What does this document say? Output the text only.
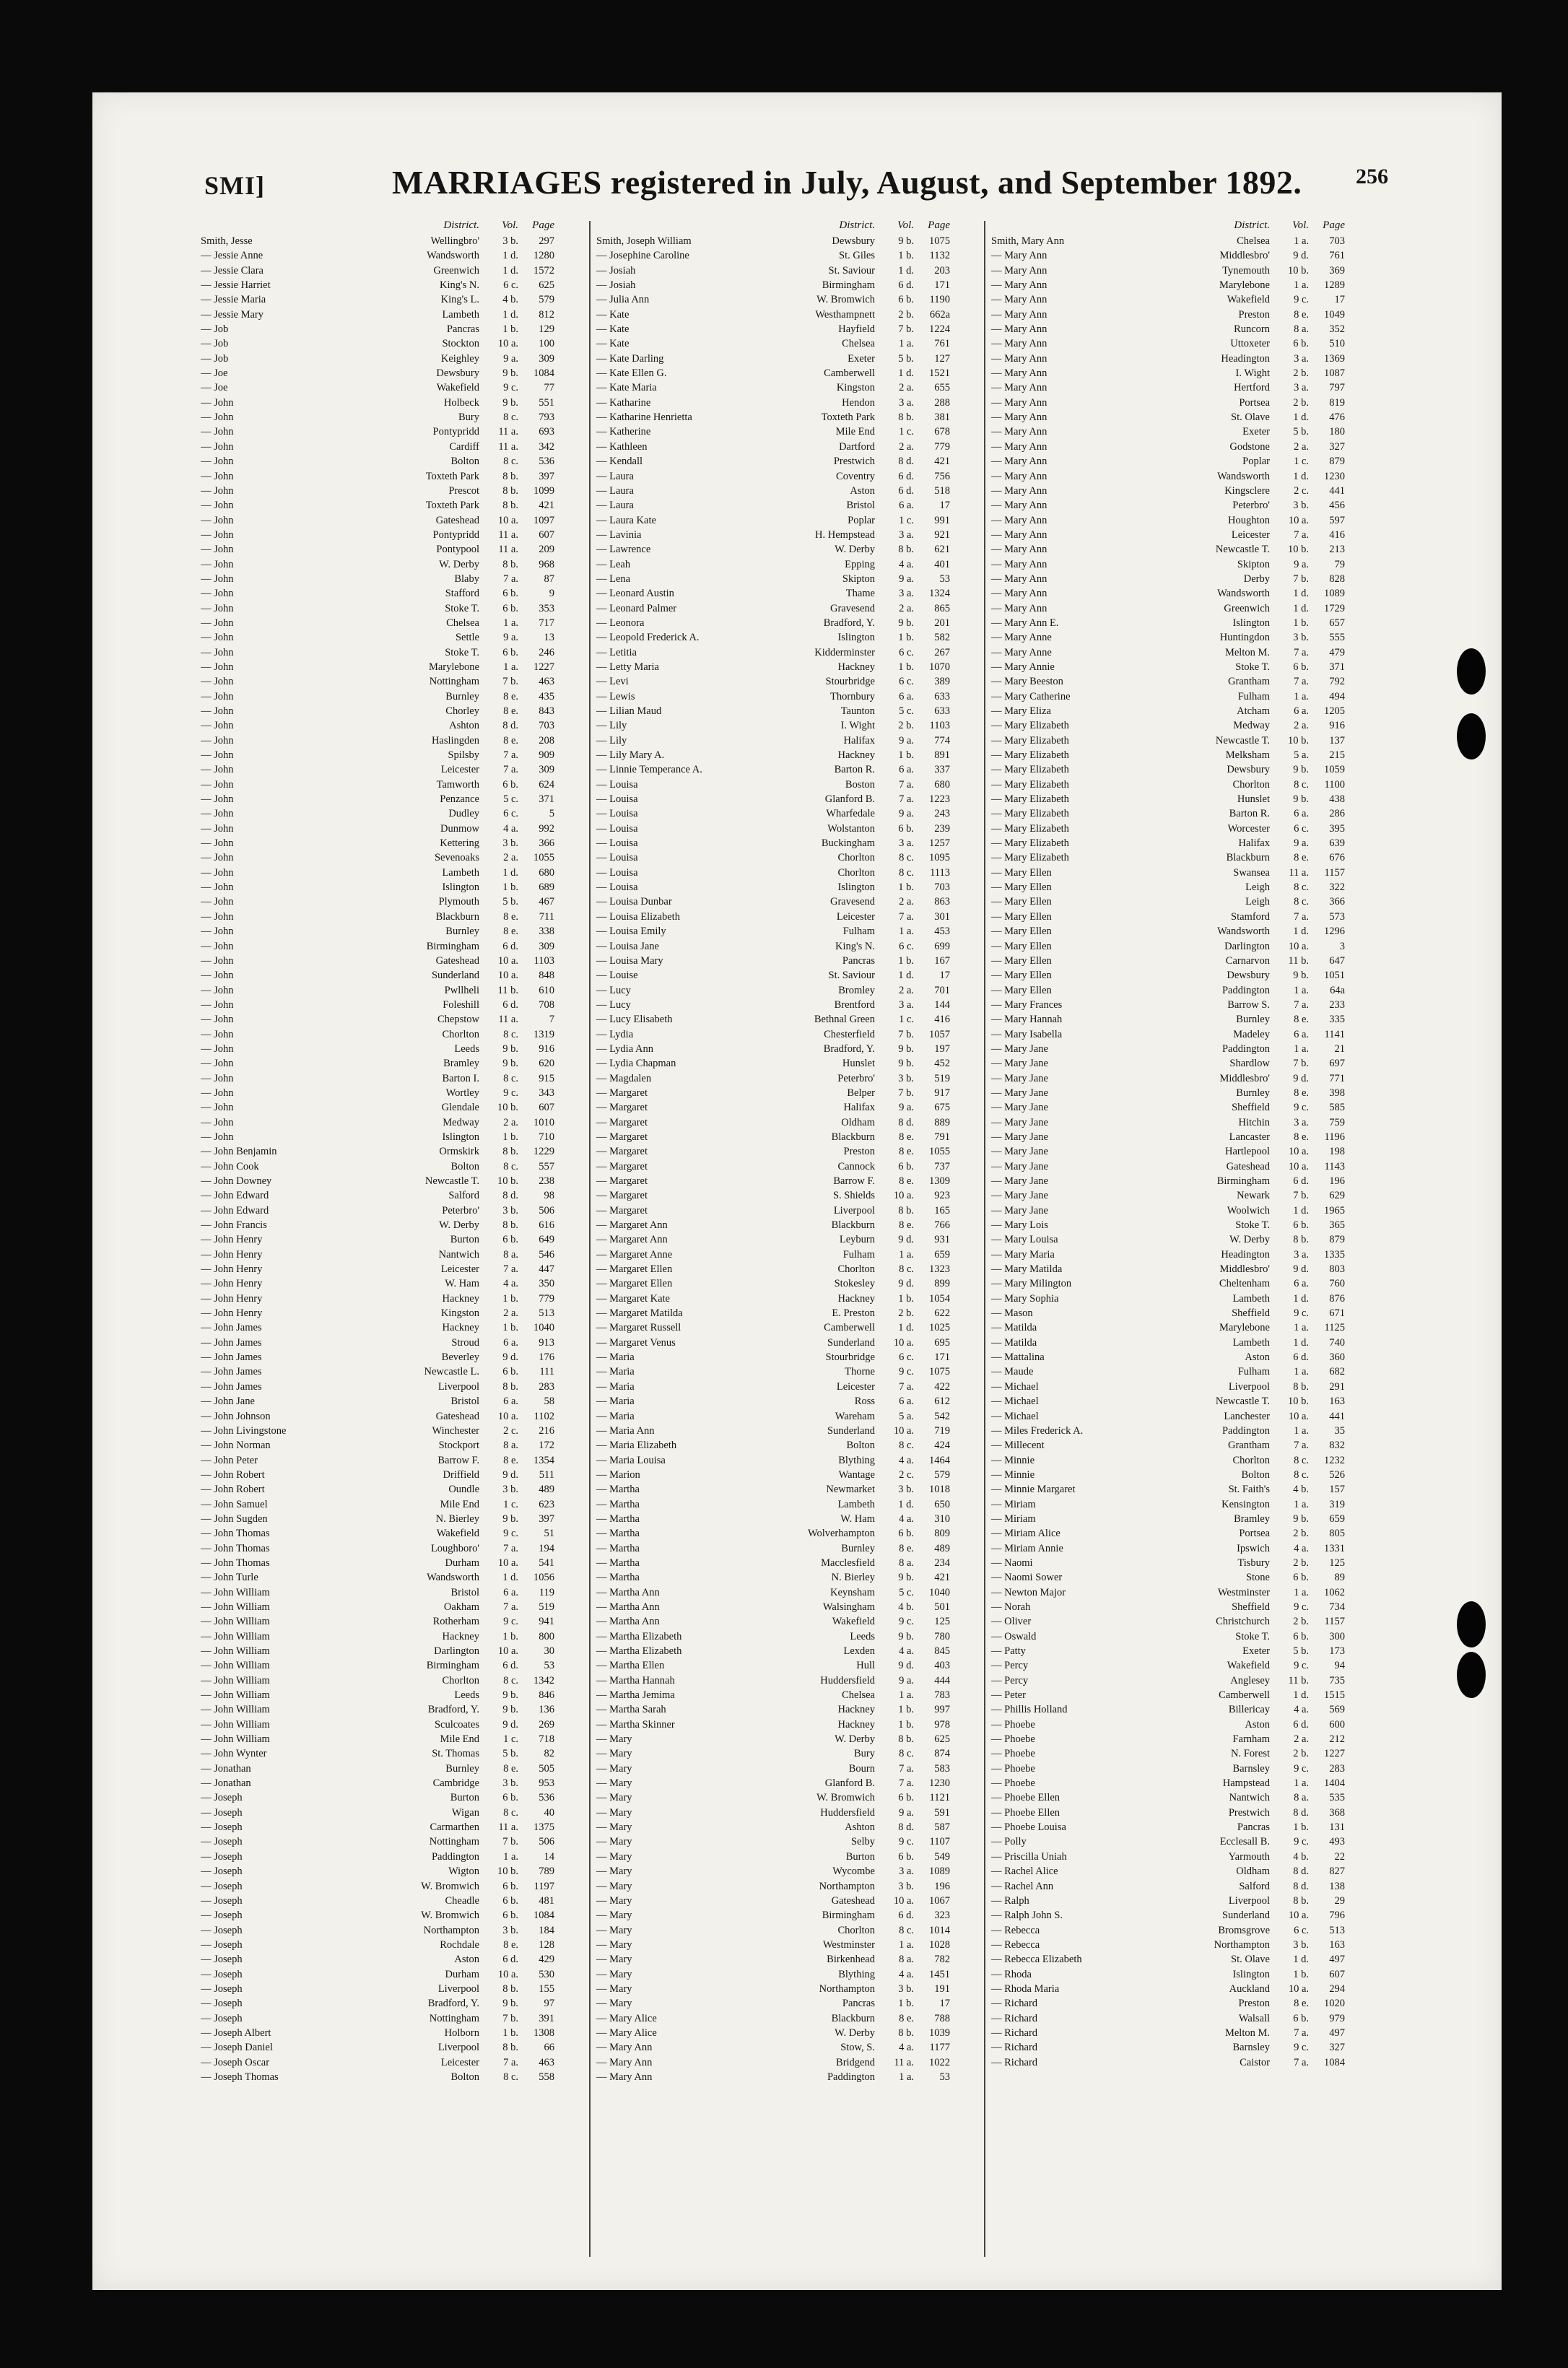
SMI]	MARRIAGES registered in July, August, and September 1892. 256
District.	Vol.	Page
Smith, Jesse	Wellingbro'	3 b.	297
— Jessie Anne	Wandsworth	1 d.	1280
— Jessie Clara	Greenwich	1 d.	1572
— Jessie Harriet	King's N.	6 c.	625
— Jessie Maria	King's L.	4 b.	579
— Jessie Mary	Lambeth	1 d.	812
— Job	Pancras	1 b.	129
— Job	Stockton	10 a.	100
— Job	Keighley	9 a.	309
— Joe	Dewsbury	9 b.	1084
— Joe	Wakefield	9 c.	77
— John	Holbeck	9 b.	551
— John	Bury	8 c.	793
— John	Pontypridd	11 a.	693
— John	Cardiff	11 a.	342
— John	Bolton	8 c.	536
— John	Toxteth Park	8 b.	397
— John	Prescot	8 b.	1099
— John	Toxteth Park	8 b.	421
— John	Gateshead	10 a.	1097
— John	Pontypridd	11 a.	607
— John	Pontypool	11 a.	209
— John	W. Derby	8 b.	968
— John	Blaby	7 a.	87
— John	Stafford	6 b.	9
— John	Stoke T.	6 b.	353
— John	Chelsea	1 a.	717
— John	Settle	9 a.	13
— John	Stoke T.	6 b.	246
— John	Marylebone	1 a.	1227
— John	Nottingham	7 b.	463
— John	Burnley	8 e.	435
— John	Chorley	8 e.	843
— John	Ashton	8 d.	703
— John	Haslingden	8 e.	208
— John	Spilsby	7 a.	909
— John	Leicester	7 a.	309
— John	Tamworth	6 b.	624
— John	Penzance	5 c.	371
— John	Dudley	6 c.	5
— John	Dunmow	4 a.	992
— John	Kettering	3 b.	366
— John	Sevenoaks	2 a.	1055
— John	Lambeth	1 d.	680
— John	Islington	1 b.	689
— John	Plymouth	5 b.	467
— John	Blackburn	8 e.	711
— John	Burnley	8 e.	338
— John	Birmingham	6 d.	309
— John	Gateshead	10 a.	1103
— John	Sunderland	10 a.	848
— John	Pwllheli	11 b.	610
— John	Foleshill	6 d.	708
— John	Chepstow	11 a.	7
— John	Chorlton	8 c.	1319
— John	Leeds	9 b.	916
— John	Bramley	9 b.	620
— John	Barton I.	8 c.	915
— John	Wortley	9 c.	343
— John	Glendale	10 b.	607
— John	Medway	2 a.	1010
— John	Islington	1 b.	710
— John Benjamin	Ormskirk	8 b.	1229
— John Cook	Bolton	8 c.	557
— John Downey	Newcastle T.	10 b.	238
— John Edward	Salford	8 d.	98
— John Edward	Peterbro'	3 b.	506
— John Francis	W. Derby	8 b.	616
— John Henry	Burton	6 b.	649
— John Henry	Nantwich	8 a.	546
— John Henry	Leicester	7 a.	447
— John Henry	W. Ham	4 a.	350
— John Henry	Hackney	1 b.	779
— John Henry	Kingston	2 a.	513
— John James	Hackney	1 b.	1040
— John James	Stroud	6 a.	913
— John James	Beverley	9 d.	176
— John James	Newcastle L.	6 b.	111
— John James	Liverpool	8 b.	283
— John Jane	Bristol	6 a.	58
— John Johnson	Gateshead	10 a.	1102
— John Livingstone	Winchester	2 c.	216
— John Norman	Stockport	8 a.	172
— John Peter	Barrow F.	8 e.	1354
— John Robert	Driffield	9 d.	511
— John Robert	Oundle	3 b.	489
— John Samuel	Mile End	1 c.	623
— John Sugden	N. Bierley	9 b.	397
— John Thomas	Wakefield	9 c.	51
— John Thomas	Loughboro'	7 a.	194
— John Thomas	Durham	10 a.	541
— John Turle	Wandsworth	1 d.	1056
— John William	Bristol	6 a.	119
— John William	Oakham	7 a.	519
— John William	Rotherham	9 c.	941
— John William	Hackney	1 b.	800
— John William	Darlington	10 a.	30
— John William	Birmingham	6 d.	53
— John William	Chorlton	8 c.	1342
— John William	Leeds	9 b.	846
— John William	Bradford, Y.	9 b.	136
— John William	Sculcoates	9 d.	269
— John William	Mile End	1 c.	718
— John Wynter	St. Thomas	5 b.	82
— Jonathan	Burnley	8 e.	505
— Jonathan	Cambridge	3 b.	953
— Joseph	Burton	6 b.	536
— Joseph	Wigan	8 c.	40
— Joseph	Carmarthen	11 a.	1375
— Joseph	Nottingham	7 b.	506
— Joseph	Paddington	1 a.	14
— Joseph	Wigton	10 b.	789
— Joseph	W. Bromwich	6 b.	1197
— Joseph	Cheadle	6 b.	481
— Joseph	W. Bromwich	6 b.	1084
— Joseph	Northampton	3 b.	184
— Joseph	Rochdale	8 e.	128
— Joseph	Aston	6 d.	429
— Joseph	Durham	10 a.	530
— Joseph	Liverpool	8 b.	155
— Joseph	Bradford, Y.	9 b.	97
— Joseph	Nottingham	7 b.	391
— Joseph Albert	Holborn	1 b.	1308
— Joseph Daniel	Liverpool	8 b.	66
— Joseph Oscar	Leicester	7 a.	463
— Joseph Thomas	Bolton	8 c.	558
District.	Vol.	Page
Smith, Joseph William	Dewsbury	9 b.	1075
— Josephine Caroline	St. Giles	1 b.	1132
— Josiah	St. Saviour	1 d.	203
— Josiah	Birmingham	6 d.	171
— Julia Ann	W. Bromwich	6 b.	1190
— Kate	Westhampnett	2 b.	662a
— Kate	Hayfield	7 b.	1224
— Kate	Chelsea	1 a.	761
— Kate Darling	Exeter	5 b.	127
— Kate Ellen G.	Camberwell	1 d.	1521
— Kate Maria	Kingston	2 a.	655
— Katharine	Hendon	3 a.	288
— Katharine Henrietta	Toxteth Park	8 b.	381
— Katherine	Mile End	1 c.	678
— Kathleen	Dartford	2 a.	779
— Kendall	Prestwich	8 d.	421
— Laura	Coventry	6 d.	756
— Laura	Aston	6 d.	518
— Laura	Bristol	6 a.	17
— Laura Kate	Poplar	1 c.	991
— Lavinia	H. Hempstead	3 a.	921
— Lawrence	W. Derby	8 b.	621
— Leah	Epping	4 a.	401
— Lena	Skipton	9 a.	53
— Leonard Austin	Thame	3 a.	1324
— Leonard Palmer	Gravesend	2 a.	865
— Leonora	Bradford, Y.	9 b.	201
— Leopold Frederick A.	Islington	1 b.	582
— Letitia	Kidderminster	6 c.	267
— Letty Maria	Hackney	1 b.	1070
— Levi	Stourbridge	6 c.	389
— Lewis	Thornbury	6 a.	633
— Lilian Maud	Taunton	5 c.	633
— Lily	I. Wight	2 b.	1103
— Lily	Halifax	9 a.	774
— Lily Mary A.	Hackney	1 b.	891
— Linnie Temperance A.	Barton R.	6 a.	337
— Louisa	Boston	7 a.	680
— Louisa	Glanford B.	7 a.	1223
— Louisa	Wharfedale	9 a.	243
— Louisa	Wolstanton	6 b.	239
— Louisa	Buckingham	3 a.	1257
— Louisa	Chorlton	8 c.	1095
— Louisa	Chorlton	8 c.	1113
— Louisa	Islington	1 b.	703
— Louisa Dunbar	Gravesend	2 a.	863
— Louisa Elizabeth	Leicester	7 a.	301
— Louisa Emily	Fulham	1 a.	453
— Louisa Jane	King's N.	6 c.	699
— Louisa Mary	Pancras	1 b.	167
— Louise	St. Saviour	1 d.	17
— Lucy	Bromley	2 a.	701
— Lucy	Brentford	3 a.	144
— Lucy Elisabeth	Bethnal Green	1 c.	416
— Lydia	Chesterfield	7 b.	1057
— Lydia Ann	Bradford, Y.	9 b.	197
— Lydia Chapman	Hunslet	9 b.	452
— Magdalen	Peterbro'	3 b.	519
— Margaret	Belper	7 b.	917
— Margaret	Halifax	9 a.	675
— Margaret	Oldham	8 d.	889
— Margaret	Blackburn	8 e.	791
— Margaret	Preston	8 e.	1055
— Margaret	Cannock	6 b.	737
— Margaret	Barrow F.	8 e.	1309
— Margaret	S. Shields	10 a.	923
— Margaret	Liverpool	8 b.	165
— Margaret Ann	Blackburn	8 e.	766
— Margaret Ann	Leyburn	9 d.	931
— Margaret Anne	Fulham	1 a.	659
— Margaret Ellen	Chorlton	8 c.	1323
— Margaret Ellen	Stokesley	9 d.	899
— Margaret Kate	Hackney	1 b.	1054
— Margaret Matilda	E. Preston	2 b.	622
— Margaret Russell	Camberwell	1 d.	1025
— Margaret Venus	Sunderland	10 a.	695
— Maria	Stourbridge	6 c.	171
— Maria	Thorne	9 c.	1075
— Maria	Leicester	7 a.	422
— Maria	Ross	6 a.	612
— Maria	Wareham	5 a.	542
— Maria Ann	Sunderland	10 a.	719
— Maria Elizabeth	Bolton	8 c.	424
— Maria Louisa	Blything	4 a.	1464
— Marion	Wantage	2 c.	579
— Martha	Newmarket	3 b.	1018
— Martha	Lambeth	1 d.	650
— Martha	W. Ham	4 a.	310
— Martha	Wolverhampton	6 b.	809
— Martha	Burnley	8 e.	489
— Martha	Macclesfield	8 a.	234
— Martha	N. Bierley	9 b.	421
— Martha Ann	Keynsham	5 c.	1040
— Martha Ann	Walsingham	4 b.	501
— Martha Ann	Wakefield	9 c.	125
— Martha Elizabeth	Leeds	9 b.	780
— Martha Elizabeth	Lexden	4 a.	845
— Martha Ellen	Hull	9 d.	403
— Martha Hannah	Huddersfield	9 a.	444
— Martha Jemima	Chelsea	1 a.	783
— Martha Sarah	Hackney	1 b.	997
— Martha Skinner	Hackney	1 b.	978
— Mary	W. Derby	8 b.	625
— Mary	Bury	8 c.	874
— Mary	Bourn	7 a.	583
— Mary	Glanford B.	7 a.	1230
— Mary	W. Bromwich	6 b.	1121
— Mary	Huddersfield	9 a.	591
— Mary	Ashton	8 d.	587
— Mary	Selby	9 c.	1107
— Mary	Burton	6 b.	549
— Mary	Wycombe	3 a.	1089
— Mary	Northampton	3 b.	196
— Mary	Gateshead	10 a.	1067
— Mary	Birmingham	6 d.	323
— Mary	Chorlton	8 c.	1014
— Mary	Westminster	1 a.	1028
— Mary	Birkenhead	8 a.	782
— Mary	Blything	4 a.	1451
— Mary	Northampton	3 b.	191
— Mary	Pancras	1 b.	17
— Mary Alice	Blackburn	8 e.	788
— Mary Alice	W. Derby	8 b.	1039
— Mary Ann	Stow, S.	4 a.	1177
— Mary Ann	Bridgend	11 a.	1022
— Mary Ann	Paddington	1 a.	53
District.	Vol.	Page
Smith, Mary Ann	Chelsea	1 a.	703
— Mary Ann	Middlesbro'	9 d.	761
— Mary Ann	Tynemouth	10 b.	369
— Mary Ann	Marylebone	1 a.	1289
— Mary Ann	Wakefield	9 c.	17
— Mary Ann	Preston	8 e.	1049
— Mary Ann	Runcorn	8 a.	352
— Mary Ann	Uttoxeter	6 b.	510
— Mary Ann	Headington	3 a.	1369
— Mary Ann	I. Wight	2 b.	1087
— Mary Ann	Hertford	3 a.	797
— Mary Ann	Portsea	2 b.	819
— Mary Ann	St. Olave	1 d.	476
— Mary Ann	Exeter	5 b.	180
— Mary Ann	Godstone	2 a.	327
— Mary Ann	Poplar	1 c.	879
— Mary Ann	Wandsworth	1 d.	1230
— Mary Ann	Kingsclere	2 c.	441
— Mary Ann	Peterbro'	3 b.	456
— Mary Ann	Houghton	10 a.	597
— Mary Ann	Leicester	7 a.	416
— Mary Ann	Newcastle T.	10 b.	213
— Mary Ann	Skipton	9 a.	79
— Mary Ann	Derby	7 b.	828
— Mary Ann	Wandsworth	1 d.	1089
— Mary Ann	Greenwich	1 d.	1729
— Mary Ann E.	Islington	1 b.	657
— Mary Anne	Huntingdon	3 b.	555
— Mary Anne	Melton M.	7 a.	479
— Mary Annie	Stoke T.	6 b.	371
— Mary Beeston	Grantham	7 a.	792
— Mary Catherine	Fulham	1 a.	494
— Mary Eliza	Atcham	6 a.	1205
— Mary Elizabeth	Medway	2 a.	916
— Mary Elizabeth	Newcastle T.	10 b.	137
— Mary Elizabeth	Melksham	5 a.	215
— Mary Elizabeth	Dewsbury	9 b.	1059
— Mary Elizabeth	Chorlton	8 c.	1100
— Mary Elizabeth	Hunslet	9 b.	438
— Mary Elizabeth	Barton R.	6 a.	286
— Mary Elizabeth	Worcester	6 c.	395
— Mary Elizabeth	Halifax	9 a.	639
— Mary Elizabeth	Blackburn	8 e.	676
— Mary Ellen	Swansea	11 a.	1157
— Mary Ellen	Leigh	8 c.	322
— Mary Ellen	Leigh	8 c.	366
— Mary Ellen	Stamford	7 a.	573
— Mary Ellen	Wandsworth	1 d.	1296
— Mary Ellen	Darlington	10 a.	3
— Mary Ellen	Carnarvon	11 b.	647
— Mary Ellen	Dewsbury	9 b.	1051
— Mary Ellen	Paddington	1 a.	64a
— Mary Frances	Barrow S.	7 a.	233
— Mary Hannah	Burnley	8 e.	335
— Mary Isabella	Madeley	6 a.	1141
— Mary Jane	Paddington	1 a.	21
— Mary Jane	Shardlow	7 b.	697
— Mary Jane	Middlesbro'	9 d.	771
— Mary Jane	Burnley	8 e.	398
— Mary Jane	Sheffield	9 c.	585
— Mary Jane	Hitchin	3 a.	759
— Mary Jane	Lancaster	8 e.	1196
— Mary Jane	Hartlepool	10 a.	198
— Mary Jane	Gateshead	10 a.	1143
— Mary Jane	Birmingham	6 d.	196
— Mary Jane	Newark	7 b.	629
— Mary Jane	Woolwich	1 d.	1965
— Mary Lois	Stoke T.	6 b.	365
— Mary Louisa	W. Derby	8 b.	879
— Mary Maria	Headington	3 a.	1335
— Mary Matilda	Middlesbro'	9 d.	803
— Mary Milington	Cheltenham	6 a.	760
— Mary Sophia	Lambeth	1 d.	876
— Mason	Sheffield	9 c.	671
— Matilda	Marylebone	1 a.	1125
— Matilda	Lambeth	1 d.	740
— Mattalina	Aston	6 d.	360
— Maude	Fulham	1 a.	682
— Michael	Liverpool	8 b.	291
— Michael	Newcastle T.	10 b.	163
— Michael	Lanchester	10 a.	441
— Miles Frederick A.	Paddington	1 a.	35
— Millecent	Grantham	7 a.	832
— Minnie	Chorlton	8 c.	1232
— Minnie	Bolton	8 c.	526
— Minnie Margaret	St. Faith's	4 b.	157
— Miriam	Kensington	1 a.	319
— Miriam	Bramley	9 b.	659
— Miriam Alice	Portsea	2 b.	805
— Miriam Annie	Ipswich	4 a.	1331
— Naomi	Tisbury	2 b.	125
— Naomi Sower	Stone	6 b.	89
— Newton Major	Westminster	1 a.	1062
— Norah	Sheffield	9 c.	734
— Oliver	Christchurch	2 b.	1157
— Oswald	Stoke T.	6 b.	300
— Patty	Exeter	5 b.	173
— Percy	Wakefield	9 c.	94
— Percy	Anglesey	11 b.	735
— Peter	Camberwell	1 d.	1515
— Phillis Holland	Billericay	4 a.	569
— Phoebe	Aston	6 d.	600
— Phoebe	Farnham	2 a.	212
— Phoebe	N. Forest	2 b.	1227
— Phoebe	Barnsley	9 c.	283
— Phoebe	Hampstead	1 a.	1404
— Phoebe Ellen	Nantwich	8 a.	535
— Phoebe Ellen	Prestwich	8 d.	368
— Phoebe Louisa	Pancras	1 b.	131
— Polly	Ecclesall B.	9 c.	493
— Priscilla Uniah	Yarmouth	4 b.	22
— Rachel Alice	Oldham	8 d.	827
— Rachel Ann	Salford	8 d.	138
— Ralph	Liverpool	8 b.	29
— Ralph John S.	Sunderland	10 a.	796
— Rebecca	Bromsgrove	6 c.	513
— Rebecca	Northampton	3 b.	163
— Rebecca Elizabeth	St. Olave	1 d.	497
— Rhoda	Islington	1 b.	607
— Rhoda Maria	Auckland	10 a.	294
— Richard	Preston	8 e.	1020
— Richard	Walsall	6 b.	979
— Richard	Melton M.	7 a.	497
— Richard	Barnsley	9 c.	327
— Richard	Caistor	7 a.	1084
